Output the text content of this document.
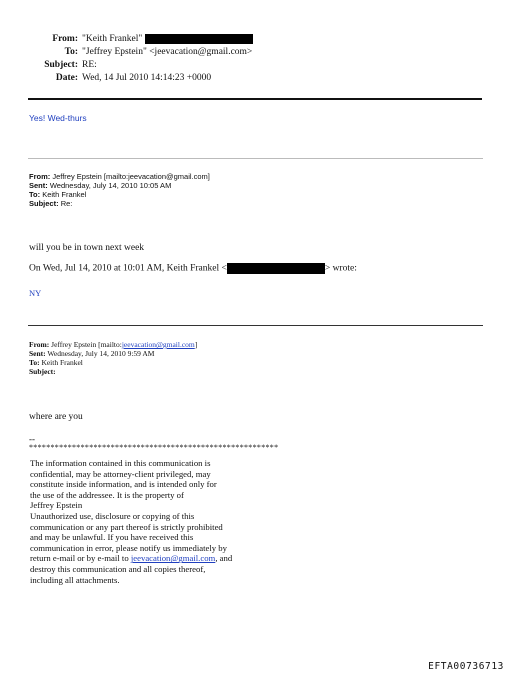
From: "Keith Frankel"
To: "Jeffrey Epstein" <jeevacation@gmail.com>
Subject: RE:
Date: Wed, 14 Jul 2010 14:14:23 +0000
Yes! Wed-thurs
From: Jeffrey Epstein [mailto:jeevacation@gmail.com]
Sent: Wednesday, July 14, 2010 10:05 AM
To: Keith Frankel
Subject: Re:
will you be in town next week
On Wed, Jul 14, 2010 at 10:01 AM, Keith Frankel <	> wrote:
NY
From: Jeffrey Epstein [mailto:jeevacation@gmail.com]
Sent: Wednesday, July 14, 2010 9:59 AM
To: Keith Frankel
Subject:
where are you
--
**********************************************************
The information contained in this communication is
confidential, may be attorney-client privileged, may
constitute inside information, and is intended only for
the use of the addressee. It is the property of
Jeffrey Epstein
Unauthorized use, disclosure or copying of this
communication or any part thereof is strictly prohibited
and may be unlawful. If you have received this
communication in error, please notify us immediately by
return e-mail or by e-mail to jeevacation@gmail.com, and
destroy this communication and all copies thereof,
including all attachments.
EFTA00736713
